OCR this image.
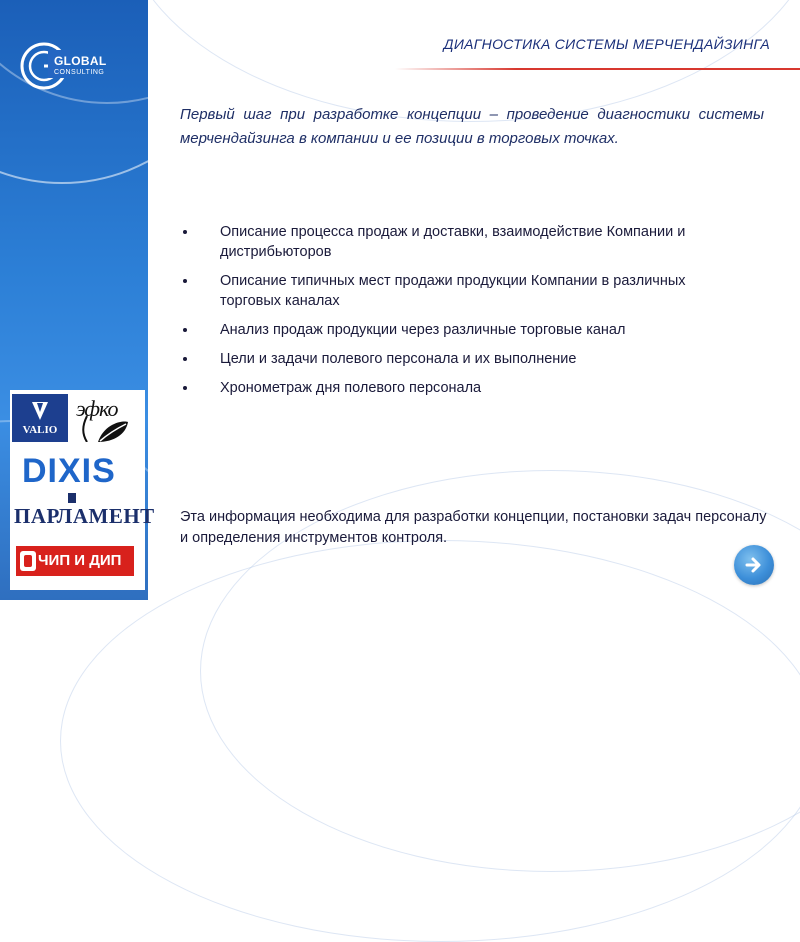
GLOBAL
CONSULTING
VALIO
эфко
DIXIS
ПАРЛАМЕНТ
ЧИП И ДИП
ДИАГНОСТИКА СИСТЕМЫ МЕРЧЕНДАЙЗИНГА
Первый шаг при разработке концепции – проведение диагностики системы мерчендайзинга в компании и ее позиции в торговых точках.
Описание процесса продаж и доставки, взаимодействие Компании и дистрибьюторов
Описание типичных мест продажи продукции Компании в различных торговых каналах
Анализ продаж продукции через различные торговые канал
Цели и задачи полевого персонала и их выполнение
Хронометраж дня полевого персонала
Эта информация необходима для разработки концепции, постановки задач персоналу и определения инструментов контроля.
